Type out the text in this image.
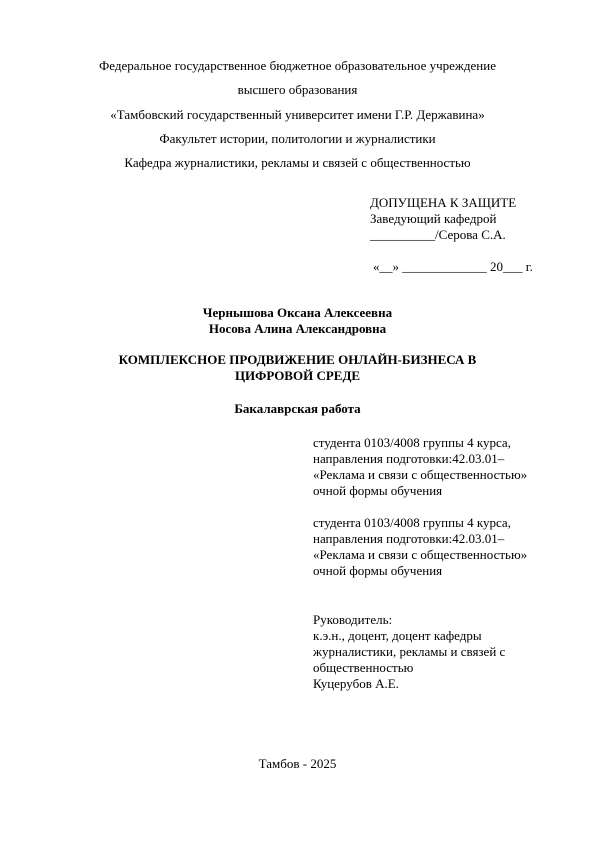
Федеральное государственное бюджетное образовательное учреждение
высшего образования
«Тамбовский государственный университет имени Г.Р. Державина»
Факультет истории, политологии и журналистики
Кафедра журналистики, рекламы и связей с общественностью
ДОПУЩЕНА К ЗАЩИТЕ
Заведующий кафедрой
__________/Серова С.А.
«__» _____________ 20___ г.
Чернышова Оксана Алексеевна
Носова Алина Александровна
КОМПЛЕКСНОЕ ПРОДВИЖЕНИЕ ОНЛАЙН-БИЗНЕСА В
ЦИФРОВОЙ СРЕДЕ
Бакалаврская работа
студента 0103/4008 группы 4 курса,
направления подготовки:42.03.01–
«Реклама и связи с общественностью»
очной формы обучения
студента 0103/4008 группы 4 курса,
направления подготовки:42.03.01–
«Реклама и связи с общественностью»
очной формы обучения
Руководитель:
к.э.н., доцент, доцент кафедры
журналистики, рекламы и связей с
общественностью
Куцерубов А.Е.
Тамбов - 2025
